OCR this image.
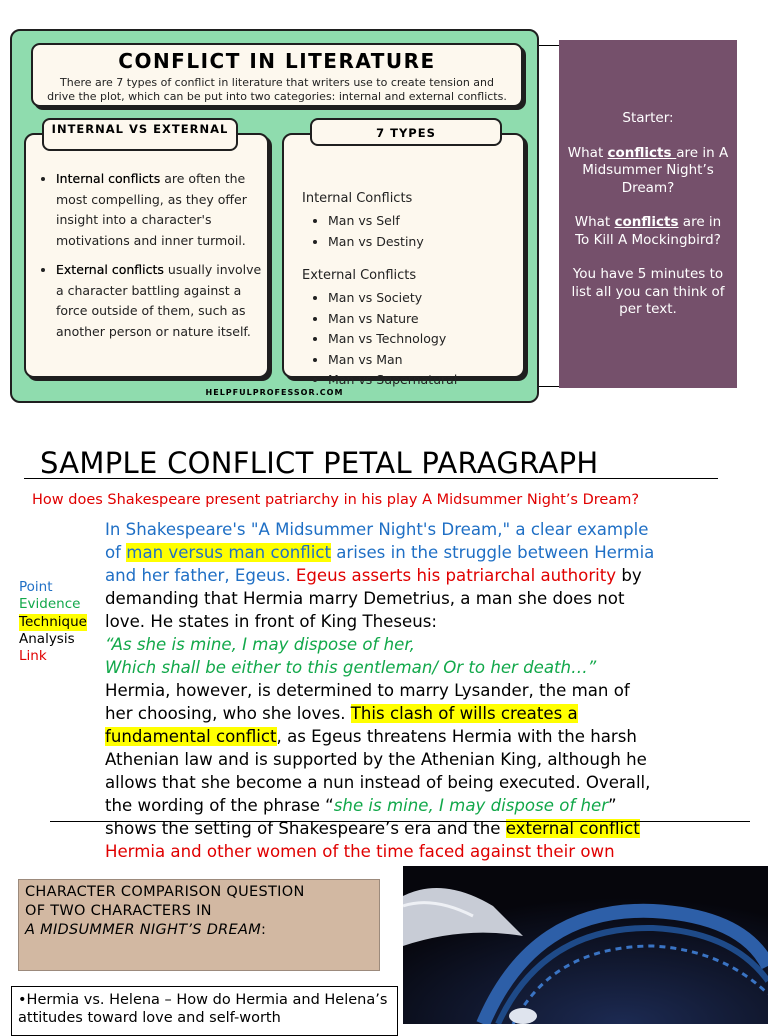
CONFLICT IN LITERATURE
There are 7 types of conflict in literature that writers use to create tension and drive the plot, which can be put into two categories: internal and external conflicts.
• Internal conflicts are often the most compelling, as they offer insight into a character's motivations and inner turmoil.
• External conflicts usually involve a character battling against a force outside of them, such as another person or nature itself.
INTERNAL VS EXTERNAL
Internal Conflicts
• Man vs Self
• Man vs Destiny
External Conflicts
• Man vs Society
• Man vs Nature
• Man vs Technology
• Man vs Man
• Man vs Supernatural
7 TYPES
HELPFULPROFESSOR.COM

Starter:

What conflicts are in A Midsummer Night’s Dream?

What conflicts are in To Kill A Mockingbird?

You have 5 minutes to list all you can think of per text.

SAMPLE CONFLICT PETAL PARAGRAPH
How does Shakespeare present patriarchy in his play A Midsummer Night’s Dream?
Point
Evidence
Technique
Analysis
Link
In Shakespeare's "A Midsummer Night's Dream," a clear example
of man versus man conflict arises in the struggle between Hermia
and her father, Egeus. Egeus asserts his patriarchal authority by
demanding that Hermia marry Demetrius, a man she does not
love. He states in front of King Theseus:
“As she is mine, I may dispose of her,
Which shall be either to this gentleman/ Or to her death…”
Hermia, however, is determined to marry Lysander, the man of
her choosing, who she loves. This clash of wills creates a
fundamental conflict, as Egeus threatens Hermia with the harsh
Athenian law and is supported by the Athenian King, although he
allows that she become a nun instead of being executed. Overall,
the wording of the phrase “she is mine, I may dispose of her”
shows the setting of Shakespeare’s era and the external conflict
Hermia and other women of the time faced against their own
CHARACTER COMPARISON QUESTION
OF TWO CHARACTERS IN
A MIDSUMMER NIGHT’S DREAM:
•Hermia vs. Helena – How do Hermia and Helena’s attitudes toward love and self-worth
